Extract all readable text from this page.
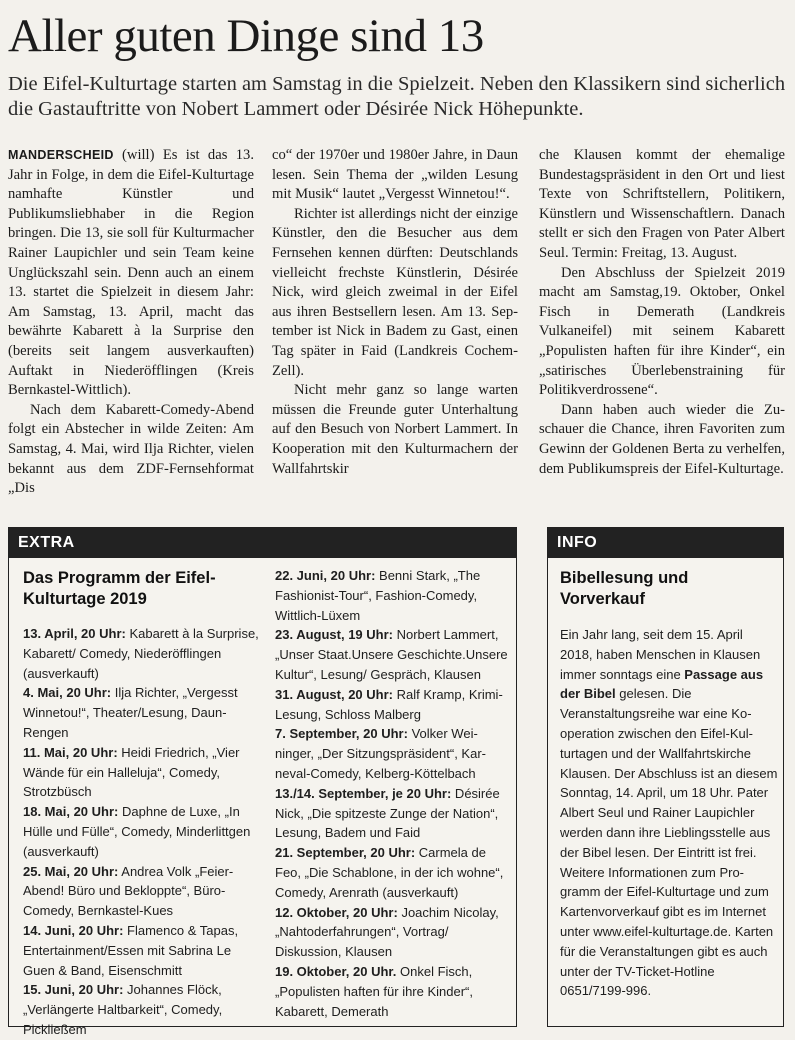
Aller guten Dinge sind 13
Die Eifel-Kulturtage starten am Samstag in die Spielzeit. Neben den Klassikern sind sicherlich die Gastauftritte von Nobert Lammert oder Désirée Nick Höhepunkte.

MANDERSCHEID (will) Es ist das 13. Jahr in Folge, in dem die Eifel-Kulturtage namhafte Künstler und Publikumsliebhaber in die Region bringen. Die 13, sie soll für Kulturmacher Rainer Laupichler und sein Team keine Unglückszahl sein. Denn auch an einem 13. startet die Spielzeit in diesem Jahr: Am Samstag, 13. April, macht das bewährte Kabarett à la Surprise den (bereits seit langem ausverkauften) Auftakt in Niederöfflingen (Kreis Bernkastel-Wittlich).

Nach dem Kabarett-Comedy-Abend folgt ein Abstecher in wilde Zeiten: Am Samstag, 4. Mai, wird Ilja Richter, vielen bekannt aus dem ZDF-Fernsehformat „Dis

co“ der 1970er und 1980er Jahre, in Daun lesen. Sein Thema der „wilden Lesung mit Musik“ lautet „Vergesst Winnetou!“.

Richter ist allerdings nicht der einzige Künstler, den die Besucher aus dem Fernsehen kennen dürften: Deutschlands vielleicht frechste Künstlerin, Désirée Nick, wird gleich zweimal in der Eifel aus ihren Bestsellern lesen. Am 13. September ist Nick in Badem zu Gast, einen Tag später in Faid (Landkreis Cochem-Zell).

Nicht mehr ganz so lange warten müssen die Freunde guter Unterhaltung auf den Besuch von Norbert Lammert. In Kooperation mit den Kulturmachern der Wallfahrtskir

che Klausen kommt der ehemalige Bundestagspräsident in den Ort und liest Texte von Schriftstellern, Politikern, Künstlern und Wissenschaftlern. Danach stellt er sich den Fragen von Pater Albert Seul. Termin: Freitag, 13. August.

Den Abschluss der Spielzeit 2019 macht am Samstag,19. Oktober, Onkel Fisch in Demerath (Landkreis Vulkaneifel) mit seinem Kabarett „Populisten haften für ihre Kinder“, ein „satirisches Überlebenstraining für Politikverdrossene“.

Dann haben auch wieder die Zuschauer die Chance, ihren Favoriten zum Gewinn der Goldenen Berta zu verhelfen, dem Publikumspreis der Eifel-Kulturtage.

EXTRA
Das Programm der Eifel-Kulturtage 2019

13. April, 20 Uhr: Kabarett à la Surprise, Kabarett/ Comedy, Niederöfflingen (ausverkauft)

4. Mai, 20 Uhr: Ilja Richter, „Vergesst Winnetou!“, Theater/Lesung, Daun-Rengen

11. Mai, 20 Uhr: Heidi Friedrich, „Vier Wände für ein Halleluja“, Comedy, Strotzbüsch

18. Mai, 20 Uhr: Daphne de Luxe, „In Hülle und Fülle“, Comedy, Minderlittgen (ausverkauft)

25. Mai, 20 Uhr: Andrea Volk „Feier-Abend! Büro und Bekloppte“, Büro-Comedy, Bernkastel-Kues

14. Juni, 20 Uhr: Flamenco & Tapas, Entertainment/Essen mit Sabrina Le Guen & Band, Eisenschmitt

15. Juni, 20 Uhr: Johannes Flöck, „Verlängerte Haltbarkeit“, Comedy, Pickließem

22. Juni, 20 Uhr: Benni Stark, „The Fashionist-Tour“, Fashion-Comedy, Wittlich-Lüxem

23. August, 19 Uhr: Norbert Lammert, „Unser Staat.Unsere Geschichte.Unsere Kultur“, Lesung/ Gespräch, Klausen

31. August, 20 Uhr: Ralf Kramp, Krimi-Lesung, Schloss Malberg

7. September, 20 Uhr: Volker Weininger, „Der Sitzungspräsident“, Karneval-Comedy, Kelberg-Köttelbach

13./14. September, je 20 Uhr: Désirée Nick, „Die spitzeste Zunge der Nation“, Lesung, Badem und Faid

21. September, 20 Uhr: Carmela de Feo, „Die Schablone, in der ich wohne“, Comedy, Arenrath (ausverkauft)

12. Oktober, 20 Uhr: Joachim Nicolay, „Nahtoderfahrungen“, Vortrag/ Diskussion, Klausen

19. Oktober, 20 Uhr. Onkel Fisch, „Populisten haften für ihre Kinder“, Kabarett, Demerath

INFO
Bibellesung und Vorverkauf

Ein Jahr lang, seit dem 15. April 2018, haben Menschen in Klausen immer sonntags eine Passage aus der Bibel gelesen. Die Veranstaltungsreihe war eine Kooperation zwischen den Eifel-Kulturtagen und der Wallfahrtskirche Klausen. Der Abschluss ist an diesem Sonntag, 14. April, um 18 Uhr. Pater Albert Seul und Rainer Laupichler werden dann ihre Lieblingsstelle aus der Bibel lesen. Der Eintritt ist frei.

Weitere Informationen zum Programm der Eifel-Kulturtage und zum Kartenvorverkauf gibt es im Internet unter www.eifel-kulturtage.de. Karten für die Veranstaltungen gibt es auch unter der TV-Ticket-Hotline 0651/7199-996.
